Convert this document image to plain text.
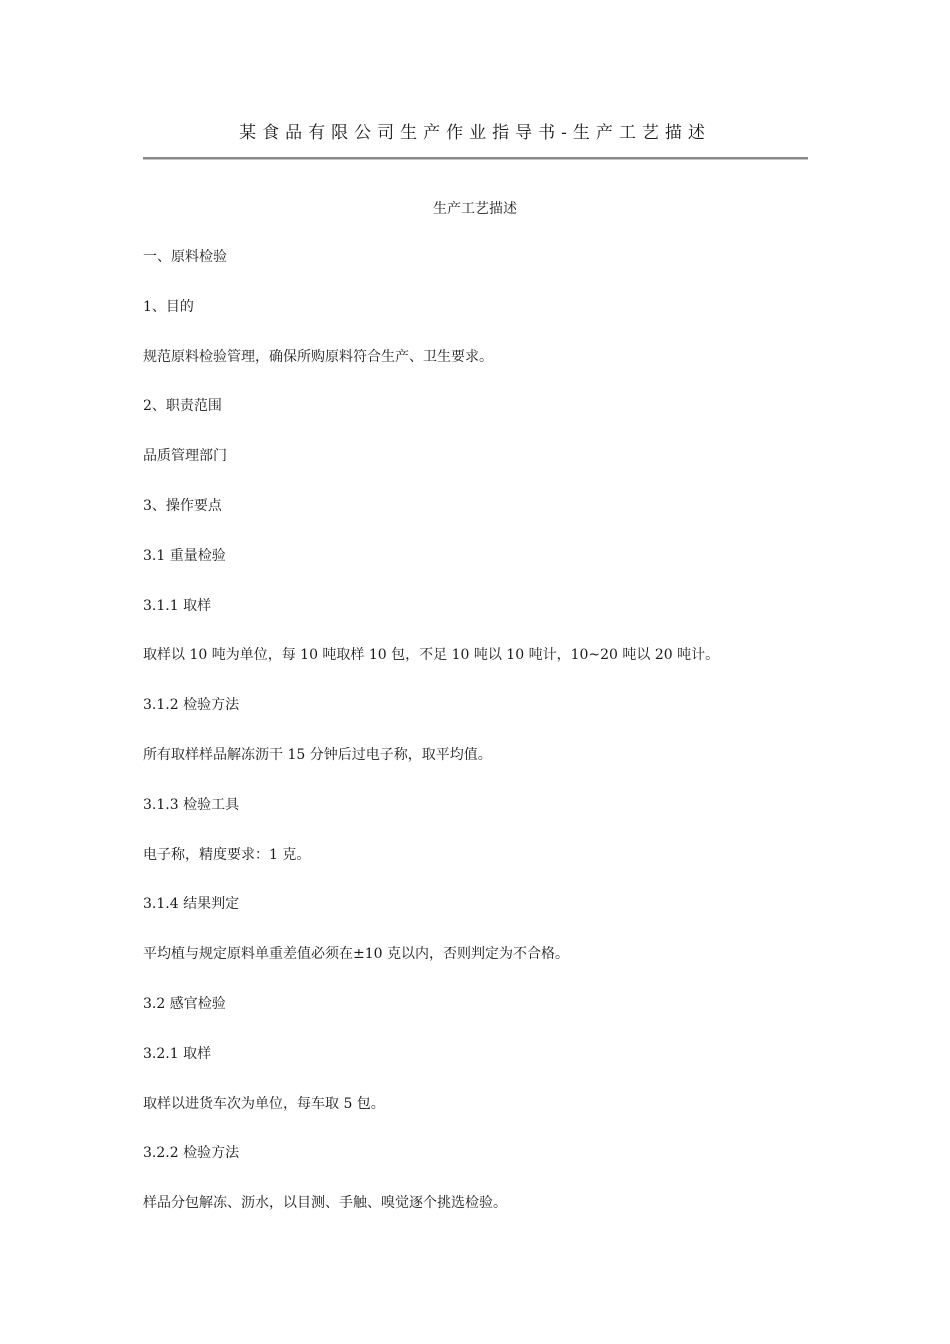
某食品有限公司生产作业指导书-生产工艺描述
生产工艺描述
一、原料检验
1、目的
规范原料检验管理，确保所购原料符合生产、卫生要求。
2、职责范围
品质管理部门
3、操作要点
3.1 重量检验
3.1.1 取样
取样以 10 吨为单位，每 10 吨取样 10 包，不足 10 吨以 10 吨计，10~20 吨以 20 吨计。
3.1.2 检验方法
所有取样样品解冻沥干 15 分钟后过电子称，取平均值。
3.1.3 检验工具
电子称，精度要求：1 克。
3.1.4 结果判定
平均植与规定原料单重差值必须在±10 克以内，否则判定为不合格。
3.2 感官检验
3.2.1 取样
取样以进货车次为单位，每车取 5 包。
3.2.2 检验方法
样品分包解冻、沥水，以目测、手触、嗅觉逐个挑选检验。
